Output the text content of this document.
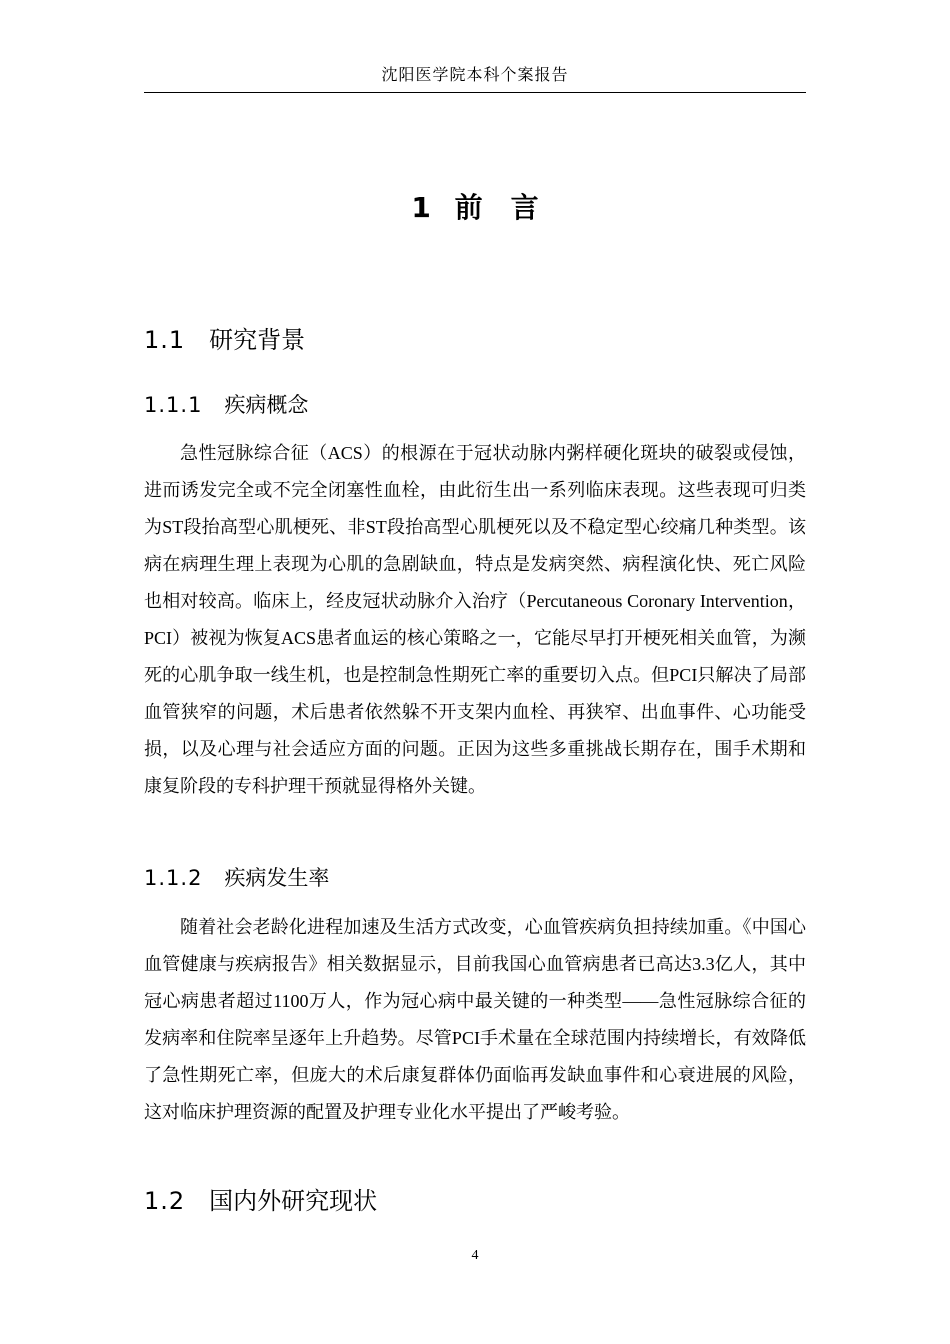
沈阳医学院本科个案报告
1 前　言
1.1 研究背景
1.1.1 疾病概念

急性冠脉综合征（ACS）的根源在于冠状动脉内粥样硬化斑块的破裂或侵蚀，进而诱发完全或不完全闭塞性血栓，由此衍生出一系列临床表现。这些表现可归类为ST段抬高型心肌梗死、非ST段抬高型心肌梗死以及不稳定型心绞痛几种类型。该病在病理生理上表现为心肌的急剧缺血，特点是发病突然、病程演化快、死亡风险也相对较高。临床上，经皮冠状动脉介入治疗（Percutaneous Coronary Intervention，PCI）被视为恢复ACS患者血运的核心策略之一，它能尽早打开梗死相关血管，为濒死的心肌争取一线生机，也是控制急性期死亡率的重要切入点。但PCI只解决了局部血管狭窄的问题，术后患者依然躲不开支架内血栓、再狭窄、出血事件、心功能受损，以及心理与社会适应方面的问题。正因为这些多重挑战长期存在，围手术期和康复阶段的专科护理干预就显得格外关键。

1.1.2 疾病发生率

随着社会老龄化进程加速及生活方式改变，心血管疾病负担持续加重。《中国心血管健康与疾病报告》相关数据显示，目前我国心血管病患者已高达3.3亿人，其中冠心病患者超过1100万人，作为冠心病中最关键的一种类型——急性冠脉综合征的发病率和住院率呈逐年上升趋势。尽管PCI手术量在全球范围内持续增长，有效降低了急性期死亡率，但庞大的术后康复群体仍面临再发缺血事件和心衰进展的风险，这对临床护理资源的配置及护理专业化水平提出了严峻考验。

1.2 国内外研究现状
4
